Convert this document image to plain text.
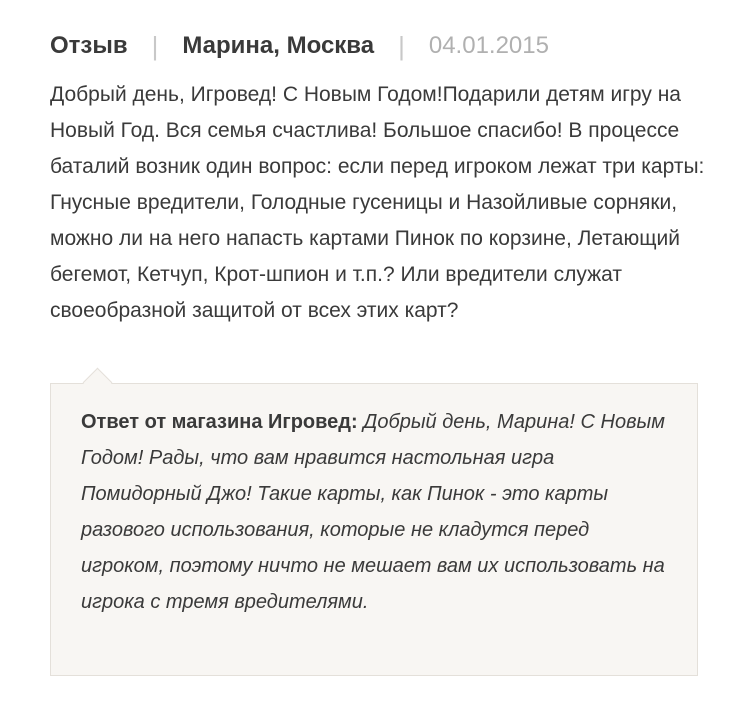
Отзыв | Марина, Москва | 04.01.2015
Добрый день, Игровед! С Новым Годом!Подарили детям игру на Новый Год. Вся семья счастлива! Большое спасибо! В процессе баталий возник один вопрос: если перед игроком лежат три карты: Гнусные вредители, Голодные гусеницы и Назойливые сорняки, можно ли на него напасть картами Пинок по корзине, Летающий бегемот, Кетчуп, Крот-шпион и т.п.? Или вредители служат своеобразной защитой от всех этих карт?
Ответ от магазина Игровед: Добрый день, Марина! С Новым Годом! Рады, что вам нравится настольная игра Помидорный Джо! Такие карты, как Пинок - это карты разового использования, которые не кладутся перед игроком, поэтому ничто не мешает вам их использовать на игрока с тремя вредителями.
